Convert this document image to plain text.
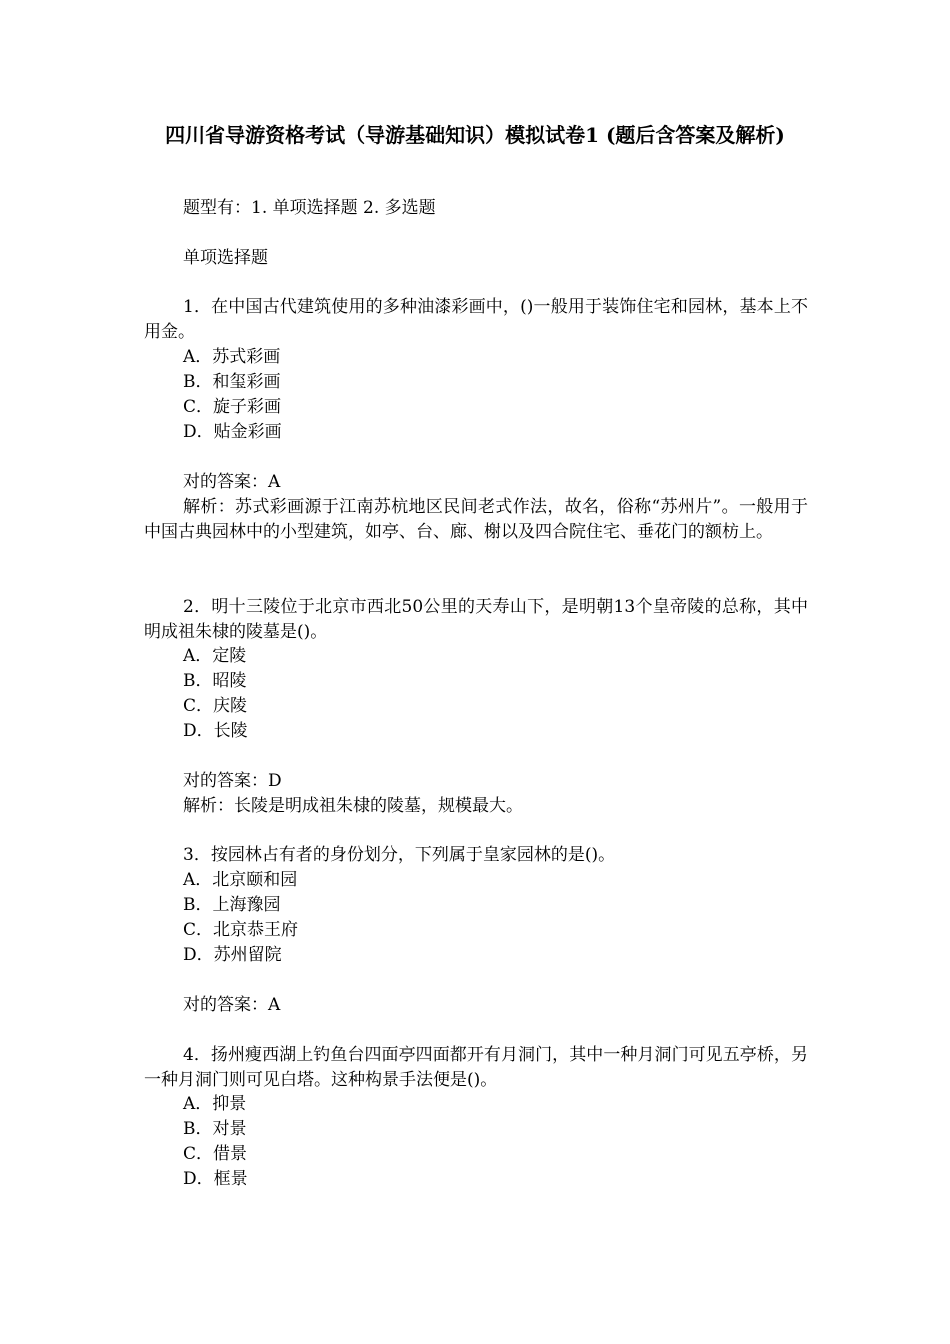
四川省导游资格考试（导游基础知识）模拟试卷1 (题后含答案及解析)
题型有：1. 单项选择题 2. 多选题
单项选择题
1．在中国古代建筑使用的多种油漆彩画中，()一般用于装饰住宅和园林，基本上不用金。
A．苏式彩画
B．和玺彩画
C．旋子彩画
D．贴金彩画
对的答案：A
解析：苏式彩画源于江南苏杭地区民间老式作法，故名，俗称“苏州片”。一般用于中国古典园林中的小型建筑，如亭、台、廊、榭以及四合院住宅、垂花门的额枋上。
2．明十三陵位于北京市西北50公里的天寿山下，是明朝13个皇帝陵的总称，其中明成祖朱棣的陵墓是()。
A．定陵
B．昭陵
C．庆陵
D．长陵
对的答案：D
解析：长陵是明成祖朱棣的陵墓，规模最大。
3．按园林占有者的身份划分，下列属于皇家园林的是()。
A．北京颐和园
B．上海豫园
C．北京恭王府
D．苏州留院
对的答案：A
4．扬州瘦西湖上钓鱼台四面亭四面都开有月洞门，其中一种月洞门可见五亭桥，另一种月洞门则可见白塔。这种构景手法便是()。
A．抑景
B．对景
C．借景
D．框景
